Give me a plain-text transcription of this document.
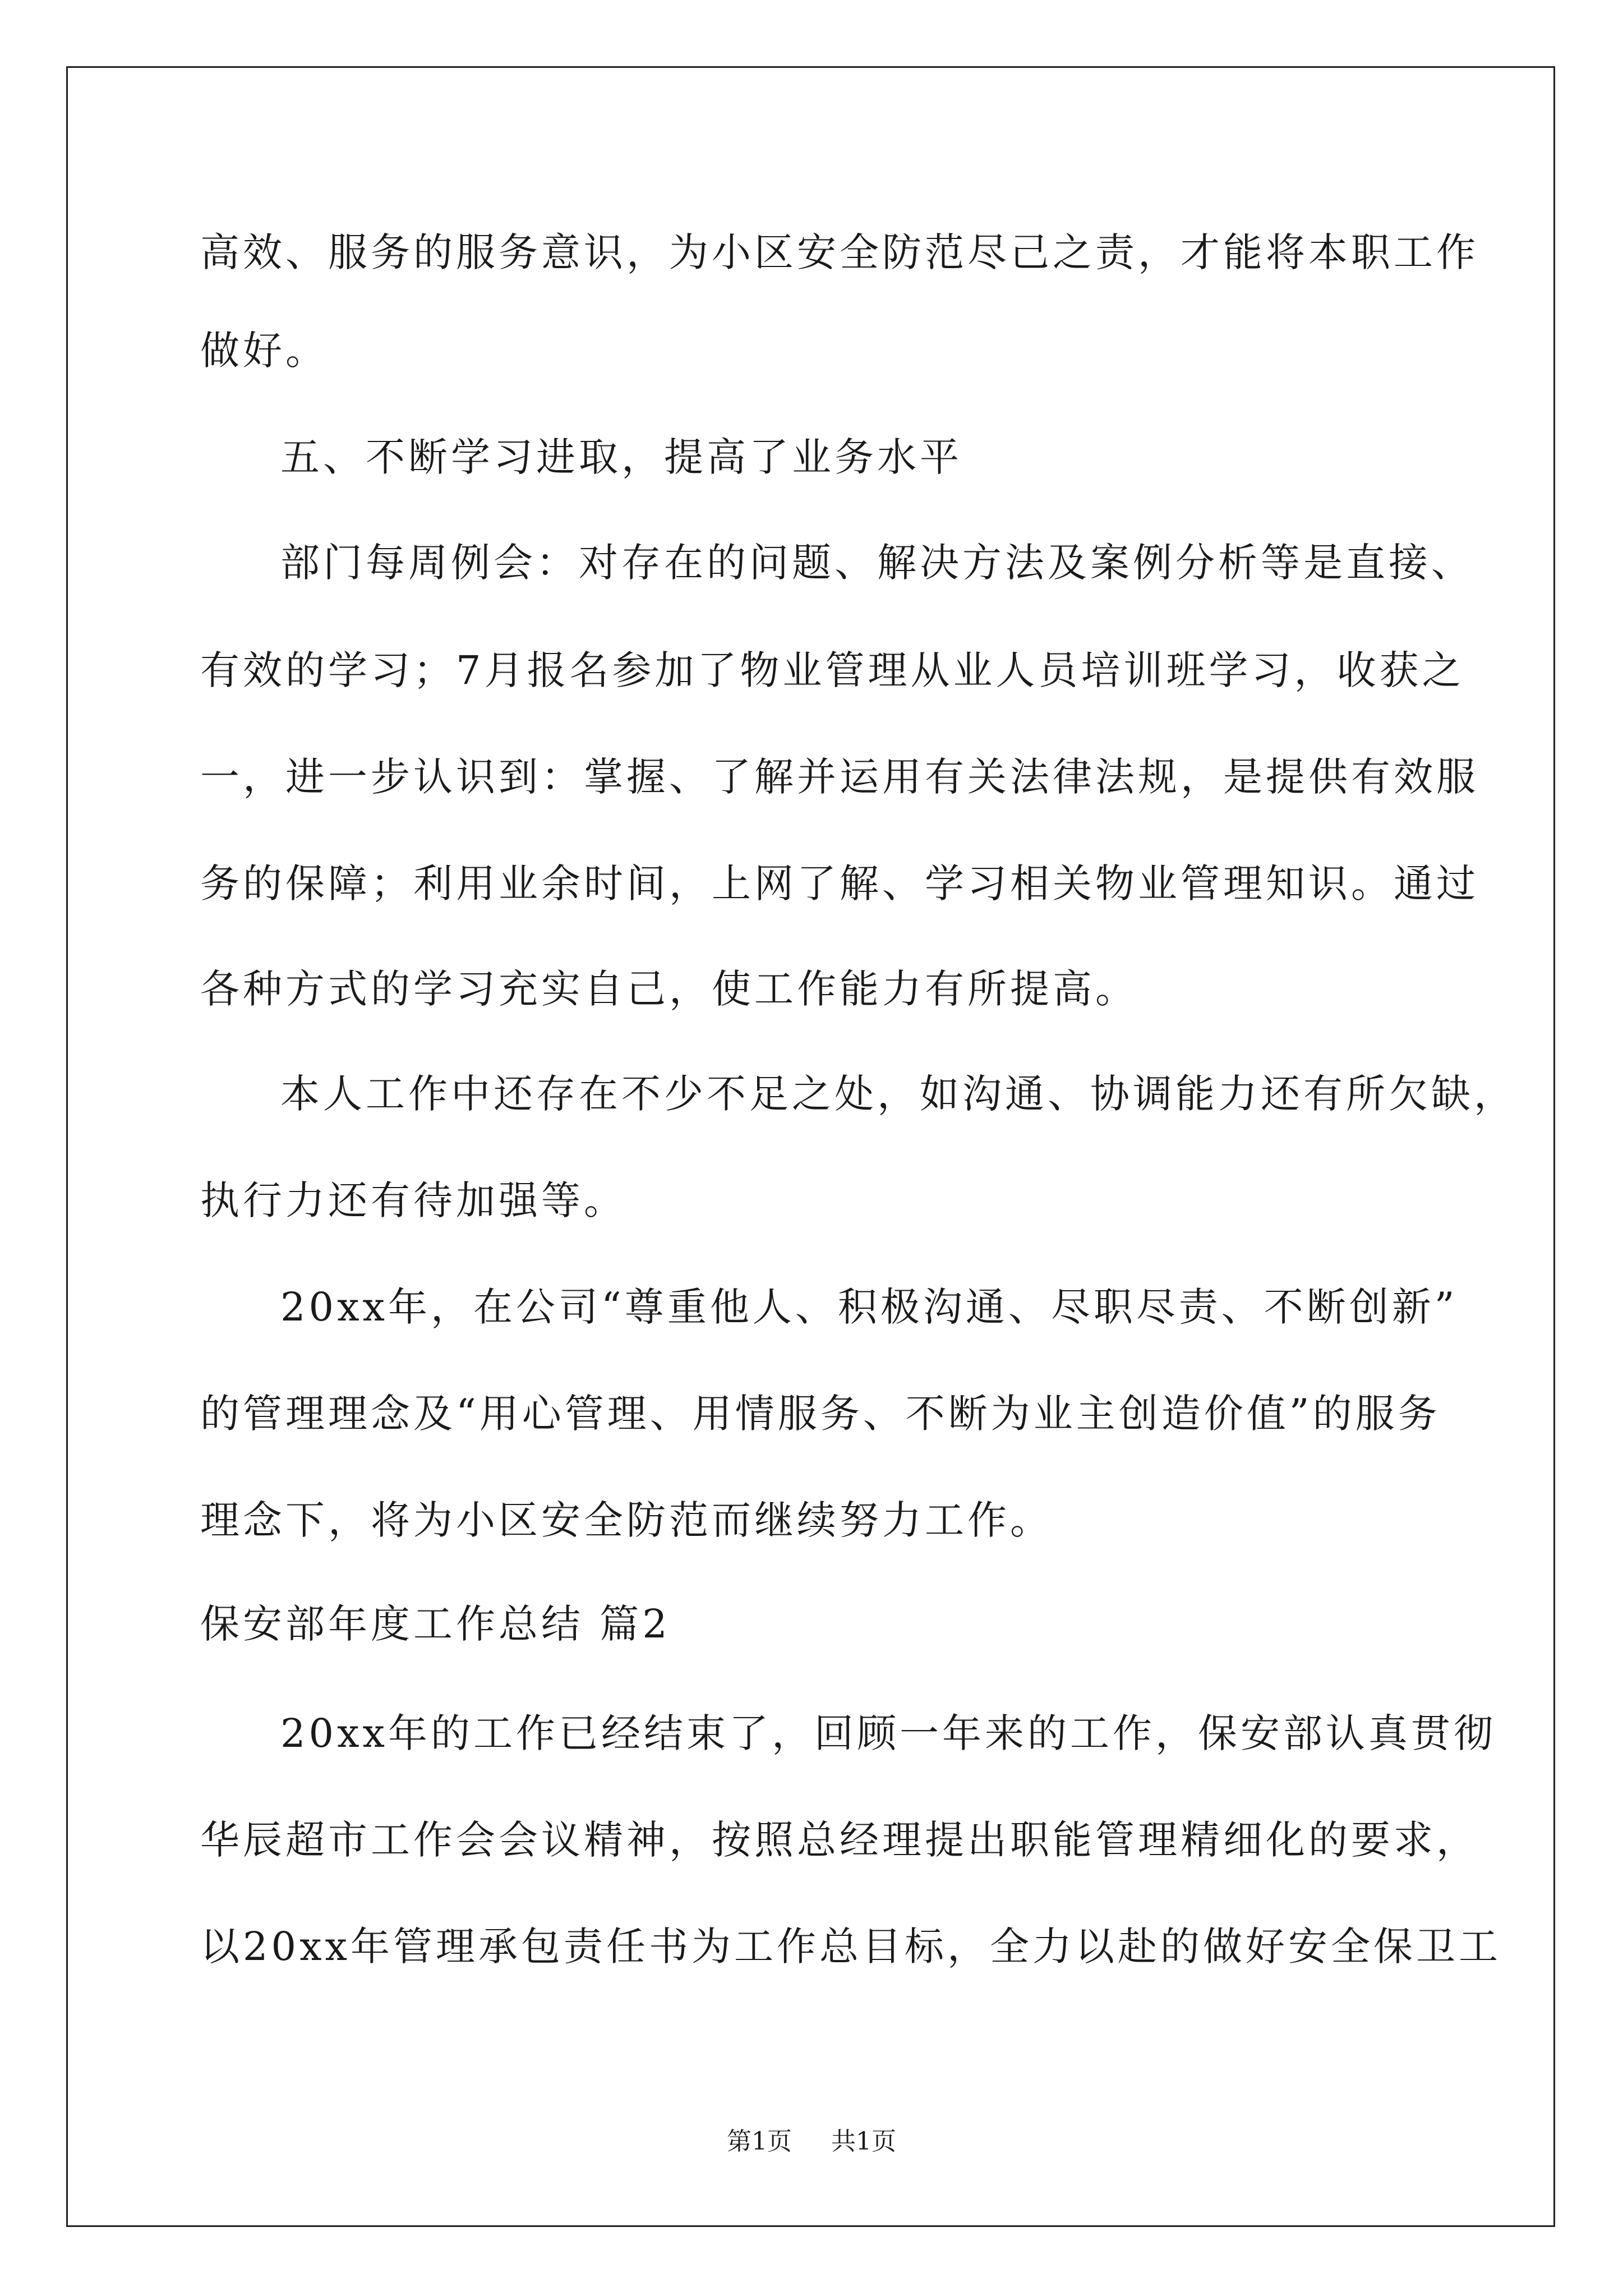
高效、服务的服务意识，为小区安全防范尽己之责，才能将本职工作
做好。
五、不断学习进取，提高了业务水平
部门每周例会：对存在的问题、解决方法及案例分析等是直接、
有效的学习；7月报名参加了物业管理从业人员培训班学习，收获之
一，进一步认识到：掌握、了解并运用有关法律法规，是提供有效服
务的保障；利用业余时间，上网了解、学习相关物业管理知识。通过
各种方式的学习充实自己，使工作能力有所提高。
本人工作中还存在不少不足之处，如沟通、协调能力还有所欠缺，
执行力还有待加强等。
20xx年，在公司“尊重他人、积极沟通、尽职尽责、不断创新”
的管理理念及“用心管理、用情服务、不断为业主创造价值”的服务
理念下，将为小区安全防范而继续努力工作。
保安部年度工作总结 篇2
20xx年的工作已经结束了，回顾一年来的工作，保安部认真贯彻
华辰超市工作会会议精神，按照总经理提出职能管理精细化的要求，
以20xx年管理承包责任书为工作总目标，全力以赴的做好安全保卫工
第1页 共1页
